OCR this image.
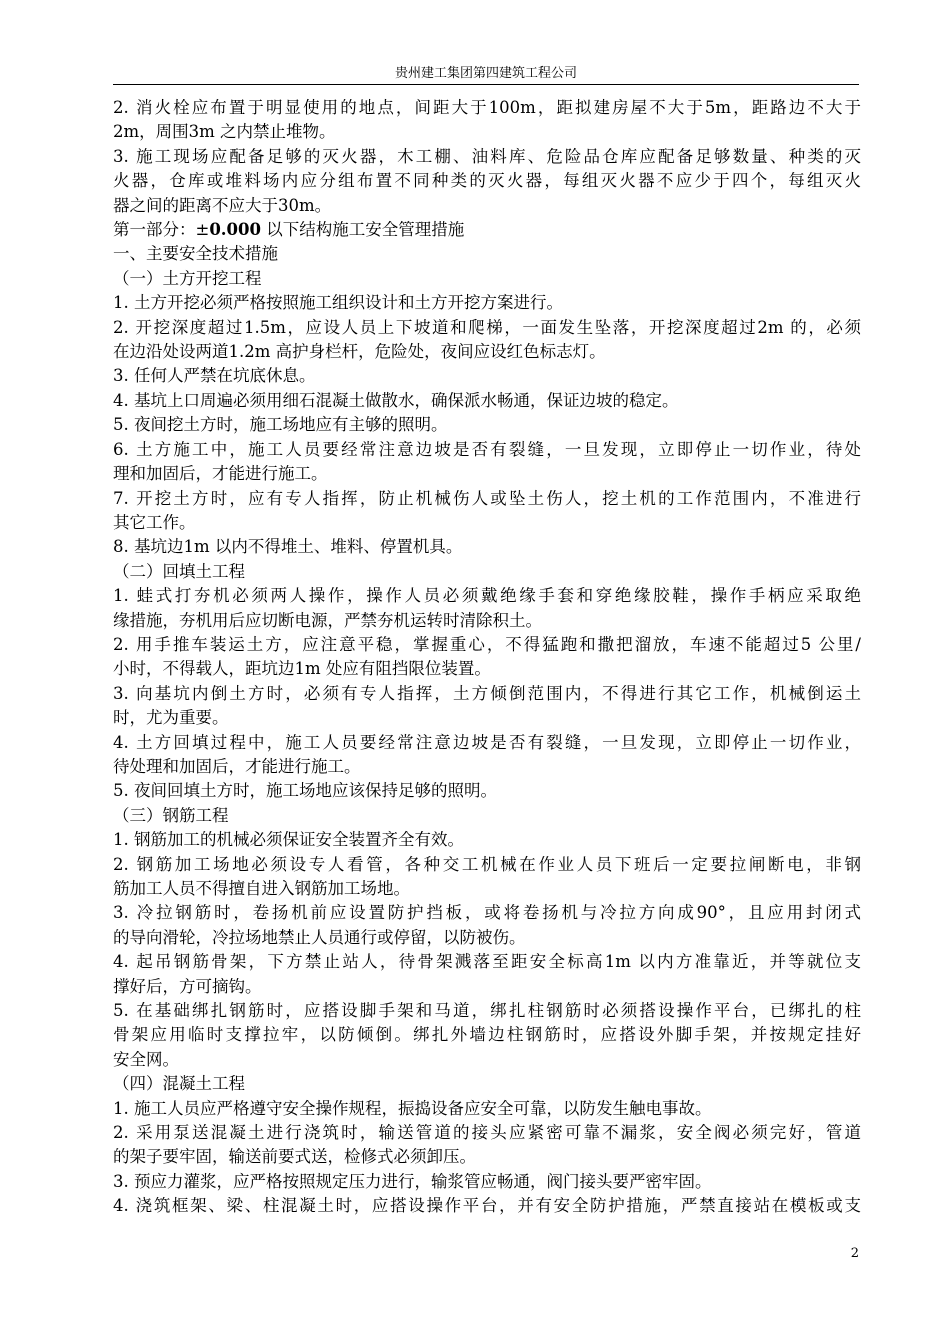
贵州建工集团第四建筑工程公司
2. 消火栓应布置于明显使用的地点，间距大于100m，距拟建房屋不大于5m，距路边不大于
2m，周围3m 之内禁止堆物。
3. 施工现场应配备足够的灭火器，木工棚、油料库、危险品仓库应配备足够数量、种类的灭
火器，仓库或堆料场内应分组布置不同种类的灭火器，每组灭火器不应少于四个，每组灭火
器之间的距离不应大于30m。
第一部分：±0.000 以下结构施工安全管理措施
一、主要安全技术措施
（一）土方开挖工程
1. 土方开挖必须严格按照施工组织设计和土方开挖方案进行。
2. 开挖深度超过1.5m，应设人员上下坡道和爬梯，一面发生坠落，开挖深度超过2m 的，必须
在边沿处设两道1.2m 高护身栏杆，危险处，夜间应设红色标志灯。
3. 任何人严禁在坑底休息。
4. 基坑上口周遍必须用细石混凝土做散水，确保派水畅通，保证边坡的稳定。
5. 夜间挖土方时，施工场地应有主够的照明。
6. 土方施工中，施工人员要经常注意边坡是否有裂缝，一旦发现，立即停止一切作业，待处
理和加固后，才能进行施工。
7. 开挖土方时，应有专人指挥，防止机械伤人或坠土伤人，挖土机的工作范围内，不准进行
其它工作。
8. 基坑边1m 以内不得堆土、堆料、停置机具。
（二）回填土工程
1. 蛙式打夯机必须两人操作，操作人员必须戴绝缘手套和穿绝缘胶鞋，操作手柄应采取绝
缘措施，夯机用后应切断电源，严禁夯机运转时清除积土。
2. 用手推车装运土方，应注意平稳，掌握重心，不得猛跑和撒把溜放，车速不能超过5 公里/
小时，不得载人，距坑边1m 处应有阻挡限位装置。
3. 向基坑内倒土方时，必须有专人指挥，土方倾倒范围内，不得进行其它工作，机械倒运土
时，尤为重要。
4. 土方回填过程中，施工人员要经常注意边坡是否有裂缝，一旦发现，立即停止一切作业，
待处理和加固后，才能进行施工。
5. 夜间回填土方时，施工场地应该保持足够的照明。
（三）钢筋工程
1. 钢筋加工的机械必须保证安全装置齐全有效。
2. 钢筋加工场地必须设专人看管，各种交工机械在作业人员下班后一定要拉闸断电，非钢
筋加工人员不得擅自进入钢筋加工场地。
3. 冷拉钢筋时，卷扬机前应设置防护挡板，或将卷扬机与冷拉方向成90°，且应用封闭式
的导向滑轮，冷拉场地禁止人员通行或停留，以防被伤。
4. 起吊钢筋骨架，下方禁止站人，待骨架溅落至距安全标高1m 以内方准靠近，并等就位支
撑好后，方可摘钩。
5. 在基础绑扎钢筋时，应搭设脚手架和马道，绑扎柱钢筋时必须搭设操作平台，已绑扎的柱
骨架应用临时支撑拉牢，以防倾倒。绑扎外墙边柱钢筋时，应搭设外脚手架，并按规定挂好
安全网。
（四）混凝土工程
1. 施工人员应严格遵守安全操作规程，振捣设备应安全可靠，以防发生触电事故。
2. 采用泵送混凝土进行浇筑时，输送管道的接头应紧密可靠不漏浆，安全阀必须完好，管道
的架子要牢固，输送前要式送，检修式必须卸压。
3. 预应力灌浆，应严格按照规定压力进行，输浆管应畅通，阀门接头要严密牢固。
4. 浇筑框架、梁、柱混凝土时，应搭设操作平台，并有安全防护措施，严禁直接站在模板或支
2
